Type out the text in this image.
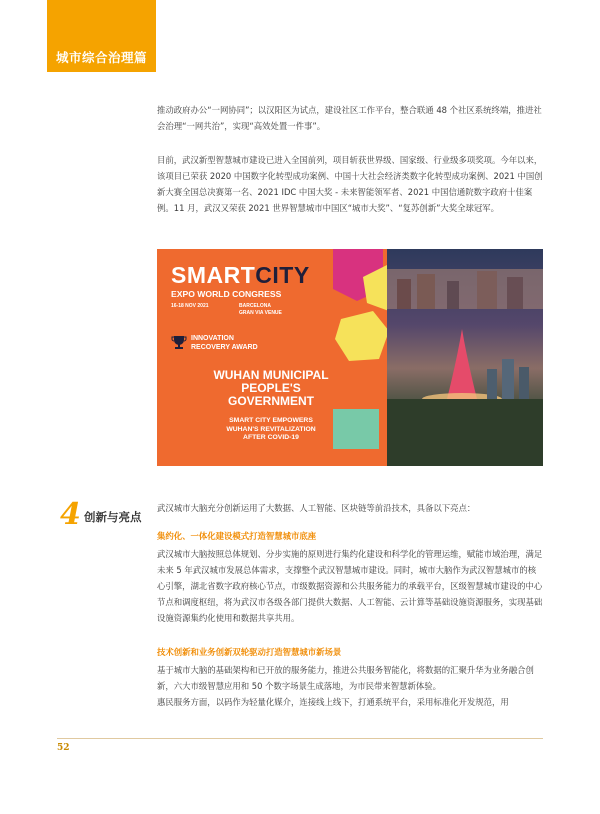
城市综合治理篇

推动政府办公“一网协同”；以汉阳区为试点，建设社区工作平台，整合联通 48 个社区系统终端，推进社会治理“一网共治”，实现“高效处置一件事”。

目前，武汉新型智慧城市建设已进入全国前列，项目斩获世界级、国家级、行业级多项奖项。今年以来，该项目已荣获 2020 中国数字化转型成功案例、中国十大社会经济类数字化转型成功案例、2021 中国创新大赛全国总决赛第一名、2021 IDC 中国大奖 - 未来智能领军者、2021 中国信通院数字政府十佳案例。11 月，武汉又荣获 2021 世界智慧城市中国区“城市大奖”、“复苏创新”大奖全球冠军。

SMARTCITY
EXPO WORLD CONGRESS
16-18 NOV 2021	BARCELONA
GRAN VIA VENUE
INNOVATION
RECOVERY AWARD
WUHAN MUNICIPAL
PEOPLE'S
GOVERNMENT
SMART CITY EMPOWERS
WUHAN'S REVITALIZATION
AFTER COVID-19
4 创新与亮点

武汉城市大脑充分创新运用了大数据、人工智能、区块链等前沿技术，具备以下亮点：

集约化、一体化建设模式打造智慧城市底座

武汉城市大脑按照总体规划、分步实施的原则进行集约化建设和科学化的管理运维，赋能市域治理，满足未来 5 年武汉城市发展总体需求，支撑整个武汉智慧城市建设。同时，城市大脑作为武汉智慧城市的核心引擎，湖北省数字政府核心节点，市级数据资源和公共服务能力的承载平台，区级智慧城市建设的中心节点和调度枢纽，将为武汉市各级各部门提供大数据、人工智能、云计算等基础设施资源服务，实现基础设施资源集约化使用和数据共享共用。

技术创新和业务创新双轮驱动打造智慧城市新场景

基于城市大脑的基础架构和已开放的服务能力，推进公共服务智能化，将数据的汇聚升华为业务融合创新，六大市级智慧应用和 50 个数字场景生成落地，为市民带来智慧新体验。

惠民服务方面，以码作为轻量化媒介，连接线上线下，打通系统平台，采用标准化开发规范，用

52
